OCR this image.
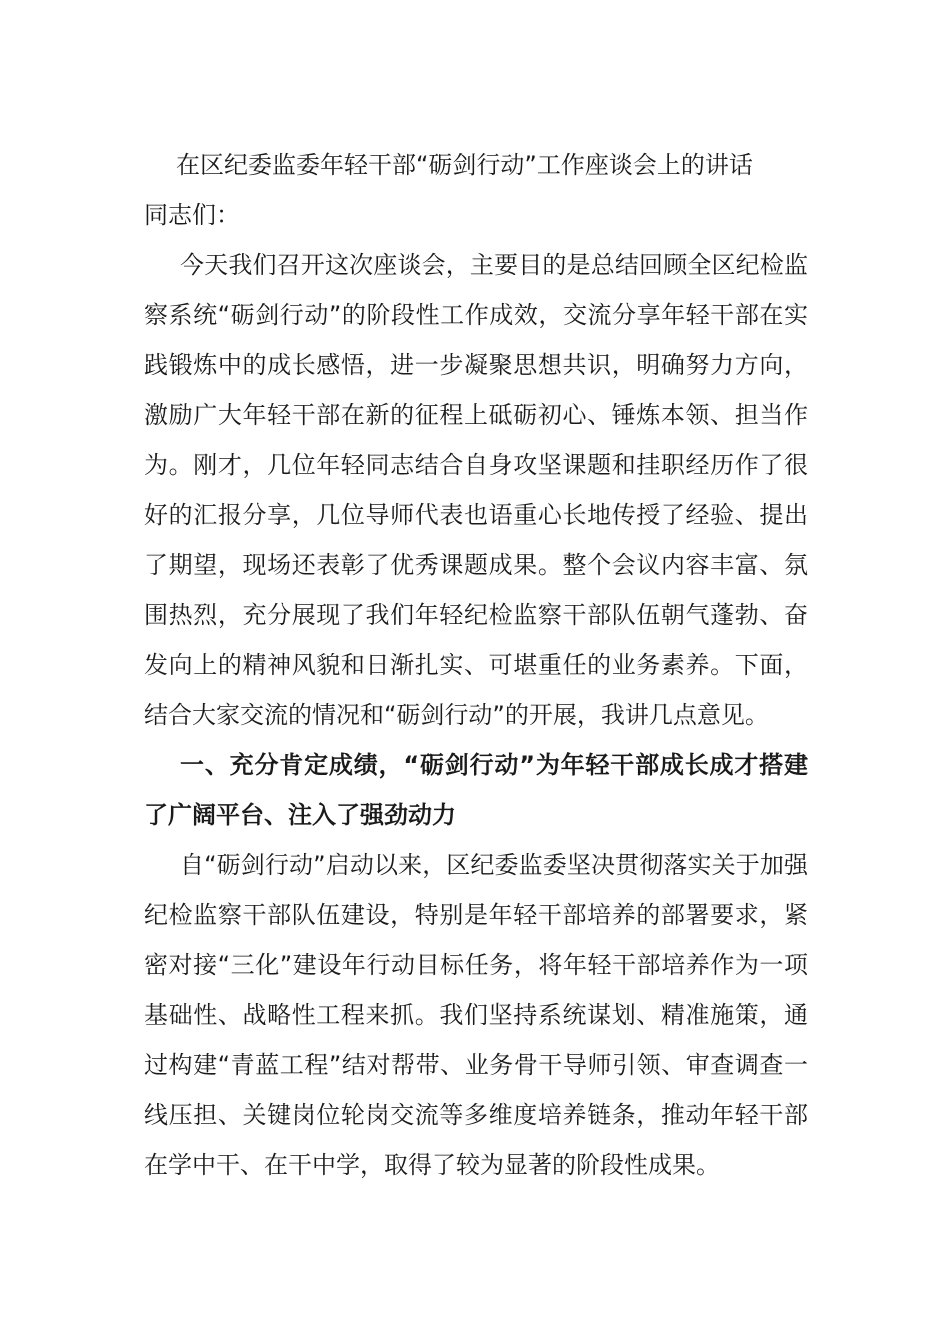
在区纪委监委年轻干部“砺剑行动”工作座谈会上的讲话

同志们：

今天我们召开这次座谈会，主要目的是总结回顾全区纪检监察系统“砺剑行动”的阶段性工作成效，交流分享年轻干部在实践锻炼中的成长感悟，进一步凝聚思想共识，明确努力方向，激励广大年轻干部在新的征程上砥砺初心、锤炼本领、担当作为。刚才，几位年轻同志结合自身攻坚课题和挂职经历作了很好的汇报分享，几位导师代表也语重心长地传授了经验、提出了期望，现场还表彰了优秀课题成果。整个会议内容丰富、氛围热烈，充分展现了我们年轻纪检监察干部队伍朝气蓬勃、奋发向上的精神风貌和日渐扎实、可堪重任的业务素养。下面，结合大家交流的情况和“砺剑行动”的开展，我讲几点意见。

一、充分肯定成绩，“砺剑行动”为年轻干部成长成才搭建了广阔平台、注入了强劲动力

自“砺剑行动”启动以来，区纪委监委坚决贯彻落实关于加强纪检监察干部队伍建设，特别是年轻干部培养的部署要求，紧密对接“三化”建设年行动目标任务，将年轻干部培养作为一项基础性、战略性工程来抓。我们坚持系统谋划、精准施策，通过构建“青蓝工程”结对帮带、业务骨干导师引领、审查调查一线压担、关键岗位轮岗交流等多维度培养链条，推动年轻干部在学中干、在干中学，取得了较为显著的阶段性成果。
